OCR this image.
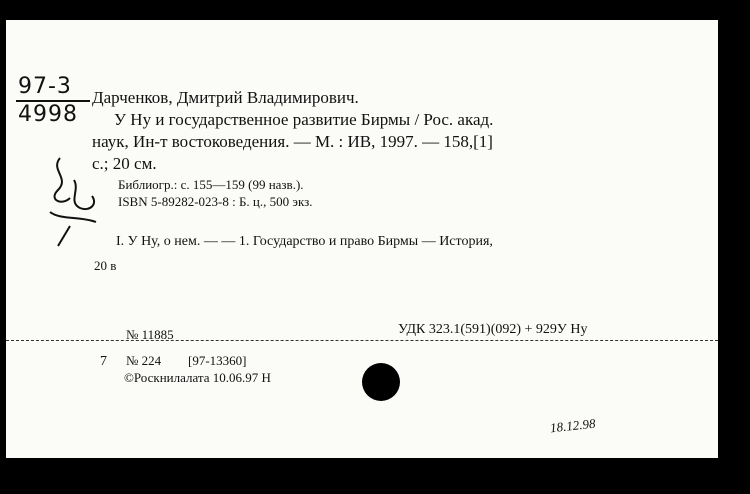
97-3
4998
Дарченков, Дмитрий Владимирович.
У Ну и государственное развитие Бирмы / Рос. акад.
наук, Ин-т востоковедения. — М. : ИВ, 1997. — 158,[1]
с.; 20 см.
Библиогр.: с. 155—159 (99 назв.).
ISBN 5-89282-023-8 : Б. ц., 500 экз.
I. У Ну, о нем. — — 1. Государство и право Бирмы — История,
20 в
№ 11885	УДК 323.1(591)(092) + 929У Ну
7 № 224 [97-13360]
©Роскнилалата 10.06.97 Н
18.12.98
